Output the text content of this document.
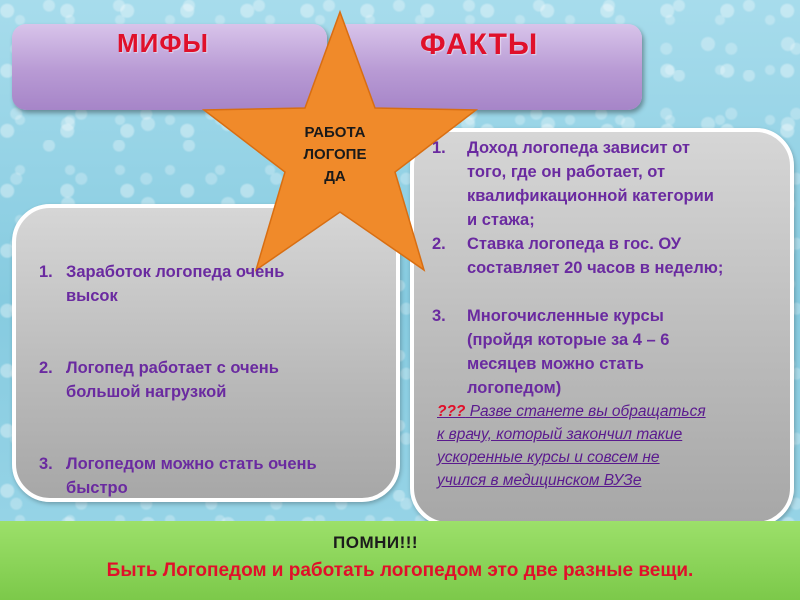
МИФЫ	ФАКТЫ
РАБОТА
ЛОГОПЕ
ДА
1. Заработок логопеда очень
высок
2. Логопед работает с очень
большой нагрузкой
3. Логопедом можно стать очень
быстро
1. Доход логопеда зависит от
того, где он работает, от
квалификационной категории
и стажа;
2. Ставка логопеда в гос. ОУ
составляет 20 часов в неделю;
3. Многочисленные курсы
(пройдя которые за 4 – 6
месяцев можно стать
логопедом)
??? Разве станете вы обращаться
к врачу, который закончил такие
ускоренные курсы и совсем не
учился в медицинском ВУЗе
ПОМНИ!!!
Быть Логопедом и работать логопедом это две разные вещи.
